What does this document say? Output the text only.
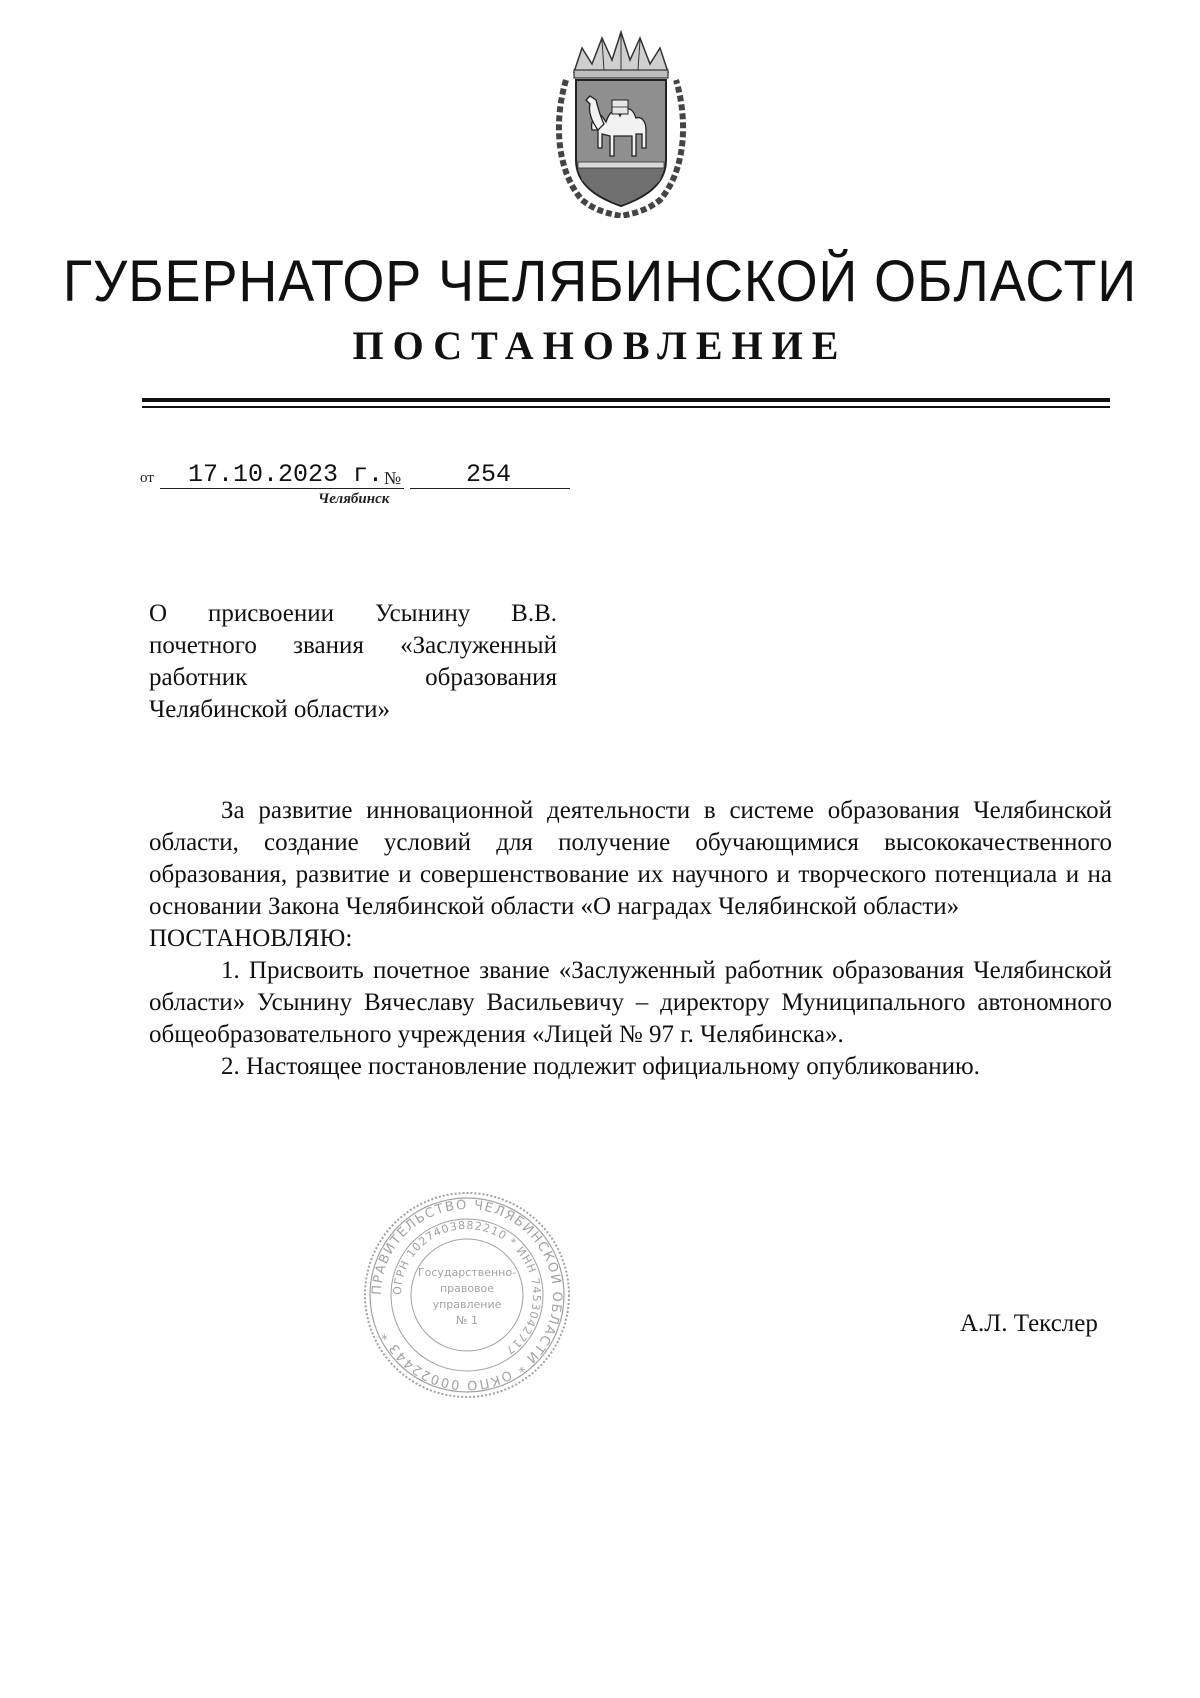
ГУБЕРНАТОР ЧЕЛЯБИНСКОЙ ОБЛАСТИ
ПОСТАНОВЛЕНИЕ
от 17.10.2023 г. №	254
Челябинск
О присвоении Усынину В.В.
почетного звания «Заслуженный
работник образования
Челябинской области»

За развитие инновационной деятельности в системе образования Челябинской области, создание условий для получение обучающимися высококачественного образования, развитие и совершенствование их научного и творческого потенциала и на основании Закона Челябинской области «О наградах Челябинской области»

ПОСТАНОВЛЯЮ:

1. Присвоить почетное звание «Заслуженный работник образования Челябинской области» Усынину Вячеславу Васильевичу – директору Муниципального автономного общеобразовательного учреждения «Лицей № 97 г. Челябинска».

2. Настоящее постановление подлежит официальному опубликованию.

ПРАВИТЕЛЬСТВО ЧЕЛЯБИНСКОЙ ОБЛАСТИ * ОКПО 00022443 *
ОГРН 1027403882210 * ИНН 7453042717
Государственно-
правовое
управление
№ 1	А.Л. Текслер
